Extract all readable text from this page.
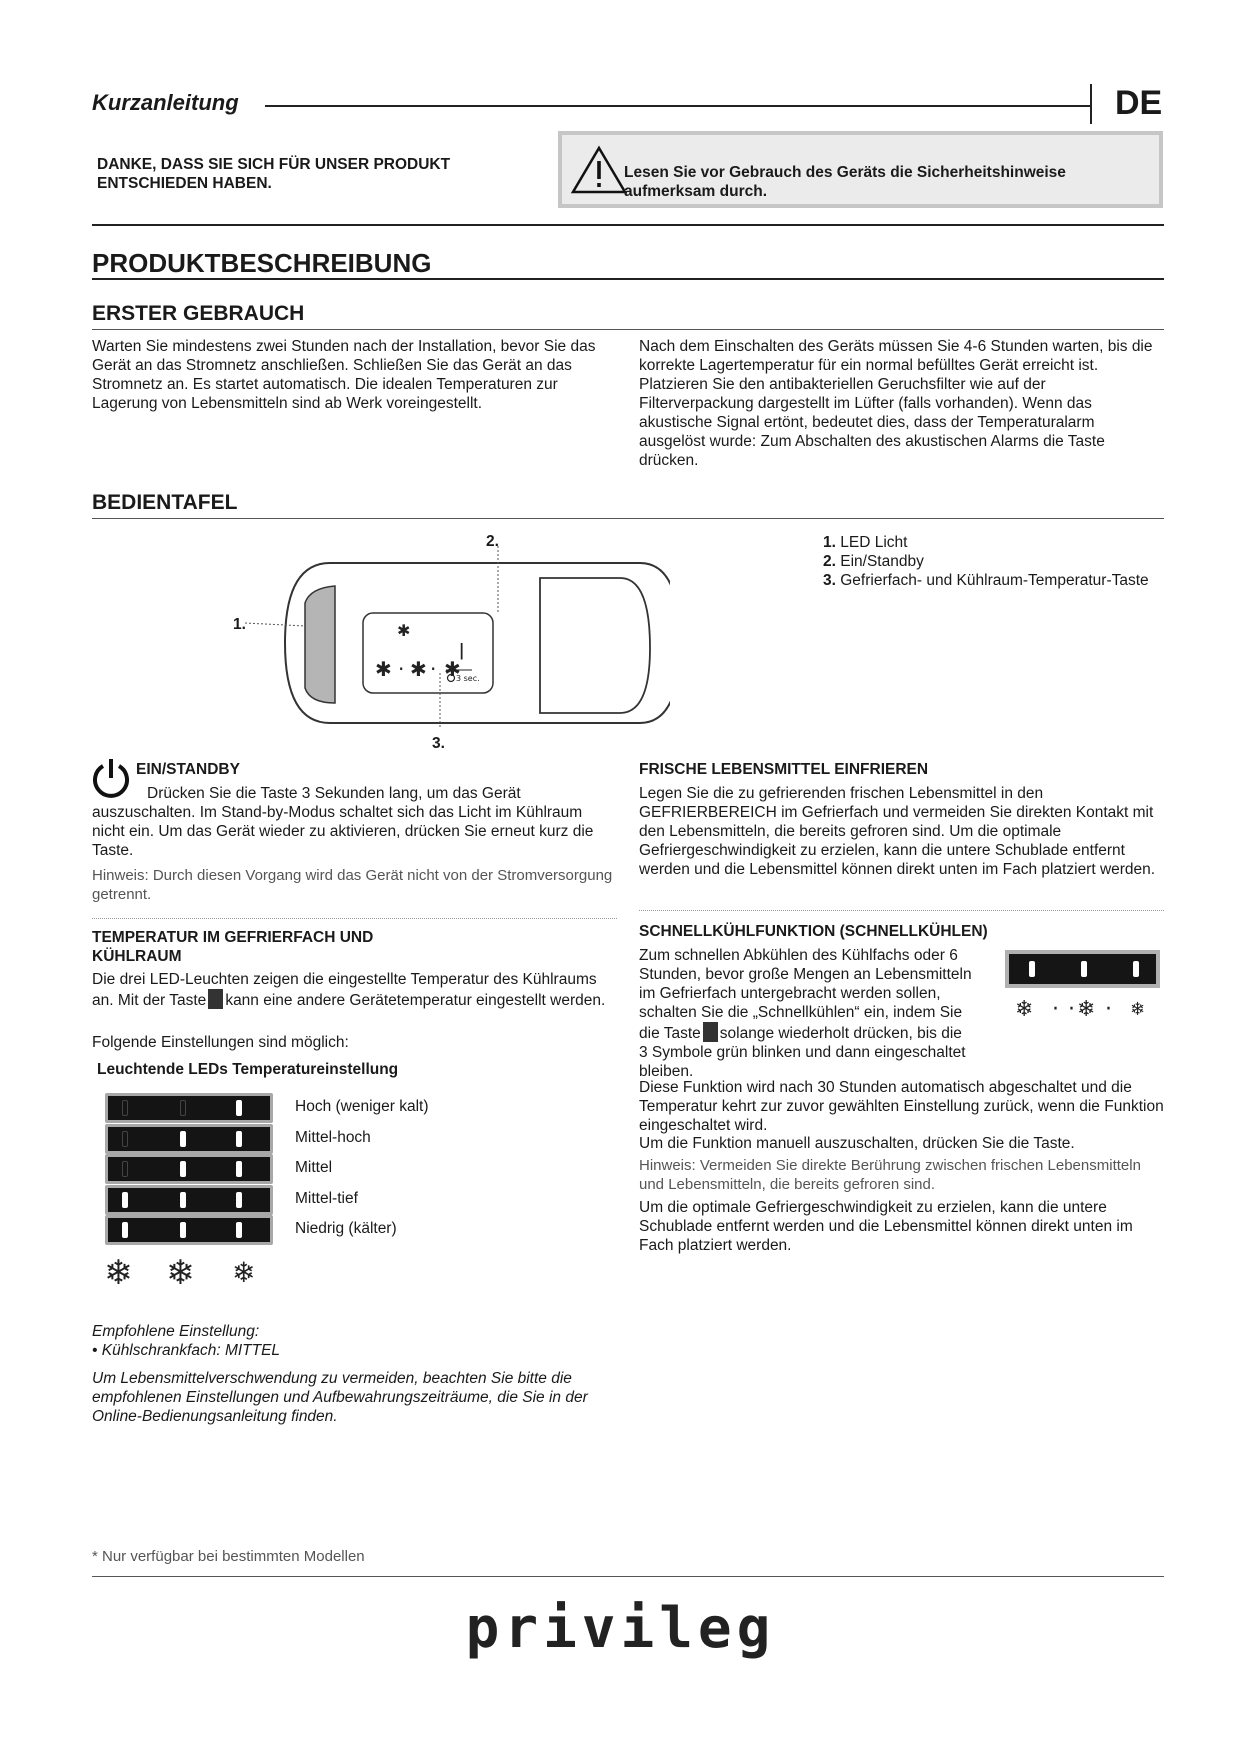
Kurzanleitung	DE
DANKE, DASS SIE SICH FÜR UNSER PRODUKT ENTSCHIEDEN HABEN.
Lesen Sie vor Gebrauch des Geräts die Sicherheitshinweise aufmerksam durch.
PRODUKTBESCHREIBUNG
ERSTER GEBRAUCH
Warten Sie mindestens zwei Stunden nach der Installation, bevor Sie das Gerät an das Stromnetz anschließen. Schließen Sie das Gerät an das Stromnetz an. Es startet automatisch. Die idealen Temperaturen zur Lagerung von Lebensmitteln sind ab Werk voreingestellt.
Nach dem Einschalten des Geräts müssen Sie 4-6 Stunden warten, bis die korrekte Lagertemperatur für ein normal befülltes Gerät erreicht ist. Platzieren Sie den antibakteriellen Geruchsfilter wie auf der Filterverpackung dargestellt im Lüfter (falls vorhanden). Wenn das akustische Signal ertönt, bedeutet dies, dass der Temperaturalarm ausgelöst wurde: Zum Abschalten des akustischen Alarms die Taste drücken.
BEDIENTAFEL
✱ · ✱ · ✱
✱
ǀ
3 sec.
1.
2.
3.
1. LED Licht
2. Ein/Standby
3. Gefrierfach- und Kühlraum-Temperatur-Taste
EIN/STANDBY
Drücken Sie die Taste 3 Sekunden lang, um das Gerät
auszuschalten. Im Stand-by-Modus schaltet sich das Licht im Kühlraum nicht ein. Um das Gerät wieder zu aktivieren, drücken Sie erneut kurz die Taste.
Hinweis: Durch diesen Vorgang wird das Gerät nicht von der Stromversorgung getrennt.
TEMPERATUR IM GEFRIERFACH UND KÜHLRAUM
Die drei LED-Leuchten zeigen die eingestellte Temperatur des Kühlraums an. Mit der Taste kann eine andere Gerätetemperatur eingestellt werden.
Folgende Einstellungen sind möglich:
Leuchtende LEDs Temperatureinstellung
Hoch (weniger kalt)
Mittel-hoch
Mittel
Mittel-tief
Niedrig (kälter)
❄ ❄ ❄
Empfohlene Einstellung:
• Kühlschrankfach: MITTEL
Um Lebensmittelverschwendung zu vermeiden, beachten Sie bitte die empfohlenen Einstellungen und Aufbewahrungszeiträume, die Sie in der Online-Bedienungsanleitung finden.
FRISCHE LEBENSMITTEL EINFRIEREN
Legen Sie die zu gefrierenden frischen Lebensmittel in den GEFRIERBEREICH im Gefrierfach und vermeiden Sie direkten Kontakt mit den Lebensmitteln, die bereits gefroren sind. Um die optimale Gefriergeschwindigkeit zu erzielen, kann die untere Schublade entfernt werden und die Lebensmittel können direkt unten im Fach platziert werden.
SCHNELLKÜHLFUNKTION (SCHNELLKÜHLEN)
Zum schnellen Abkühlen des Kühlfachs oder 6 Stunden, bevor große Mengen an Lebensmitteln im Gefrierfach untergebracht werden sollen, schalten Sie die „Schnellkühlen“ ein, indem Sie die Taste solange wiederholt drücken, bis die 3 Symbole grün blinken und dann eingeschaltet bleiben.
❄ · · ❄ · ❄
Diese Funktion wird nach 30 Stunden automatisch abgeschaltet und die Temperatur kehrt zur zuvor gewählten Einstellung zurück, wenn die Funktion eingeschaltet wird.
Um die Funktion manuell auszuschalten, drücken Sie die Taste.
Hinweis: Vermeiden Sie direkte Berührung zwischen frischen Lebensmitteln und Lebensmitteln, die bereits gefroren sind.
Um die optimale Gefriergeschwindigkeit zu erzielen, kann die untere Schublade entfernt werden und die Lebensmittel können direkt unten im Fach platziert werden.
* Nur verfügbar bei bestimmten Modellen
privileg
